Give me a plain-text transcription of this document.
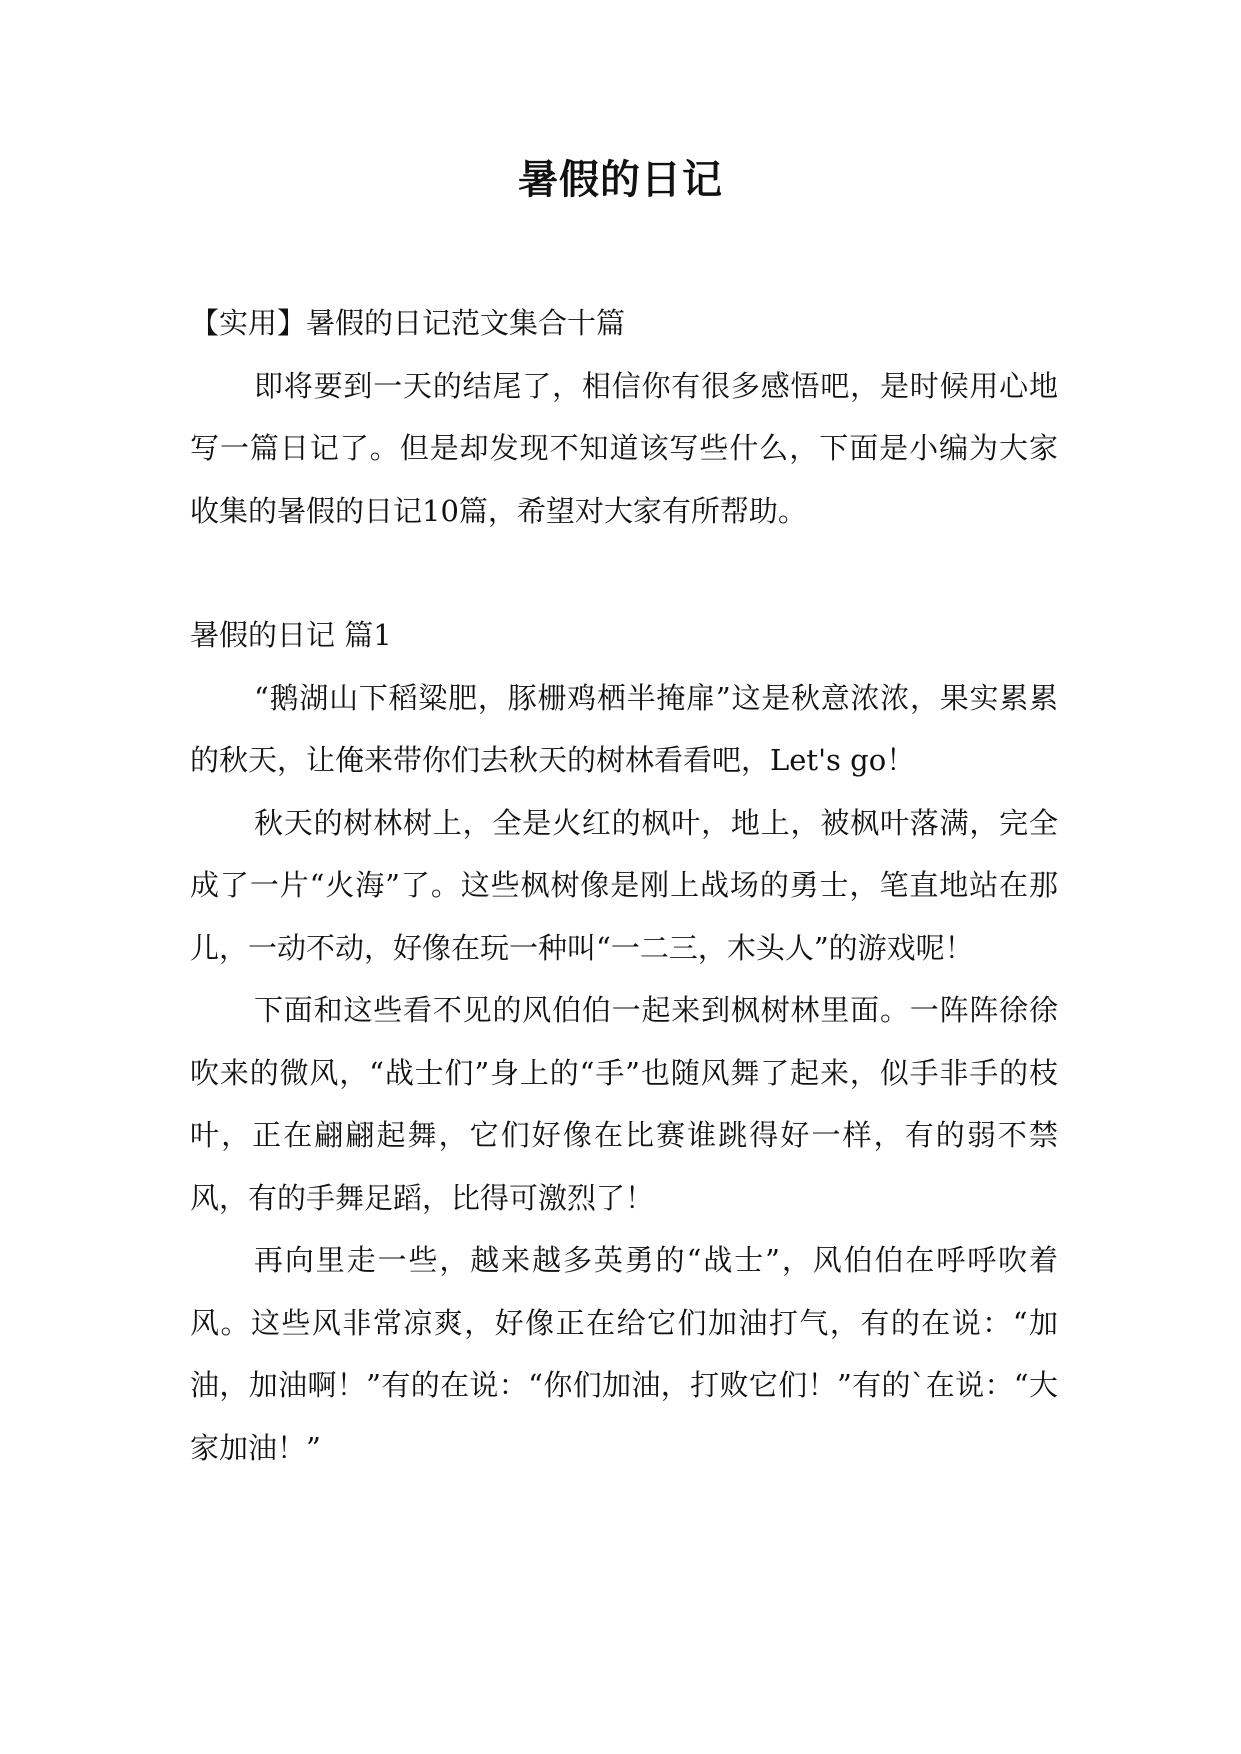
暑假的日记

【实用】暑假的日记范文集合十篇

即将要到一天的结尾了，相信你有很多感悟吧，是时候用心地写一篇日记了。但是却发现不知道该写些什么，下面是小编为大家收集的暑假的日记10篇，希望对大家有所帮助。

暑假的日记 篇1

“鹅湖山下稻粱肥，豚栅鸡栖半掩扉”这是秋意浓浓，果实累累的秋天，让俺来带你们去秋天的树林看看吧，Let's go！

秋天的树林树上，全是火红的枫叶，地上，被枫叶落满，完全成了一片“火海”了。这些枫树像是刚上战场的勇士，笔直地站在那儿，一动不动，好像在玩一种叫“一二三，木头人”的游戏呢！

下面和这些看不见的风伯伯一起来到枫树林里面。一阵阵徐徐吹来的微风，“战士们”身上的“手”也随风舞了起来，似手非手的枝叶，正在翩翩起舞，它们好像在比赛谁跳得好一样，有的弱不禁风，有的手舞足蹈，比得可激烈了！

再向里走一些，越来越多英勇的“战士”，风伯伯在呼呼吹着风。这些风非常凉爽，好像正在给它们加油打气，有的在说：“加油，加油啊！”有的在说：“你们加油，打败它们！”有的`在说：“大家加油！”
